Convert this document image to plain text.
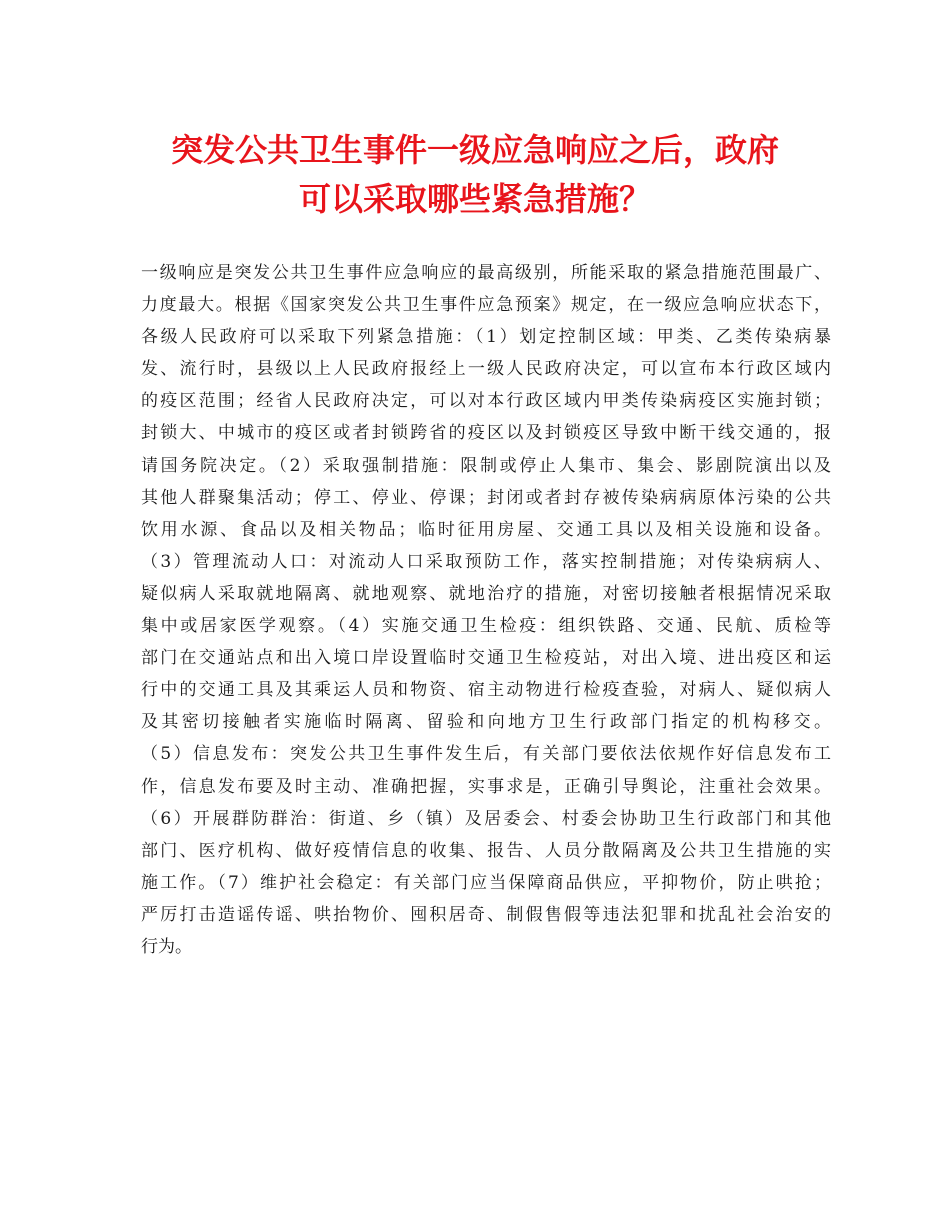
突发公共卫生事件一级应急响应之后，政府
可以采取哪些紧急措施？
一级响应是突发公共卫生事件应急响应的最高级别，所能采取的紧急措施范围最广、
力度最大。根据《国家突发公共卫生事件应急预案》规定，在一级应急响应状态下，
各级人民政府可以采取下列紧急措施：（1）划定控制区域：甲类、乙类传染病暴
发、流行时，县级以上人民政府报经上一级人民政府决定，可以宣布本行政区域内
的疫区范围；经省人民政府决定，可以对本行政区域内甲类传染病疫区实施封锁；
封锁大、中城市的疫区或者封锁跨省的疫区以及封锁疫区导致中断干线交通的，报
请国务院决定。（2）采取强制措施：限制或停止人集市、集会、影剧院演出以及
其他人群聚集活动；停工、停业、停课；封闭或者封存被传染病病原体污染的公共
饮用水源、食品以及相关物品；临时征用房屋、交通工具以及相关设施和设备。
（3）管理流动人口：对流动人口采取预防工作，落实控制措施；对传染病病人、
疑似病人采取就地隔离、就地观察、就地治疗的措施，对密切接触者根据情况采取
集中或居家医学观察。（4）实施交通卫生检疫：组织铁路、交通、民航、质检等
部门在交通站点和出入境口岸设置临时交通卫生检疫站，对出入境、进出疫区和运
行中的交通工具及其乘运人员和物资、宿主动物进行检疫查验，对病人、疑似病人
及其密切接触者实施临时隔离、留验和向地方卫生行政部门指定的机构移交。
（5）信息发布：突发公共卫生事件发生后，有关部门要依法依规作好信息发布工
作，信息发布要及时主动、准确把握，实事求是，正确引导舆论，注重社会效果。
（6）开展群防群治：街道、乡（镇）及居委会、村委会协助卫生行政部门和其他
部门、医疗机构、做好疫情信息的收集、报告、人员分散隔离及公共卫生措施的实
施工作。（7）维护社会稳定：有关部门应当保障商品供应，平抑物价，防止哄抢；
严厉打击造谣传谣、哄抬物价、囤积居奇、制假售假等违法犯罪和扰乱社会治安的
行为。
